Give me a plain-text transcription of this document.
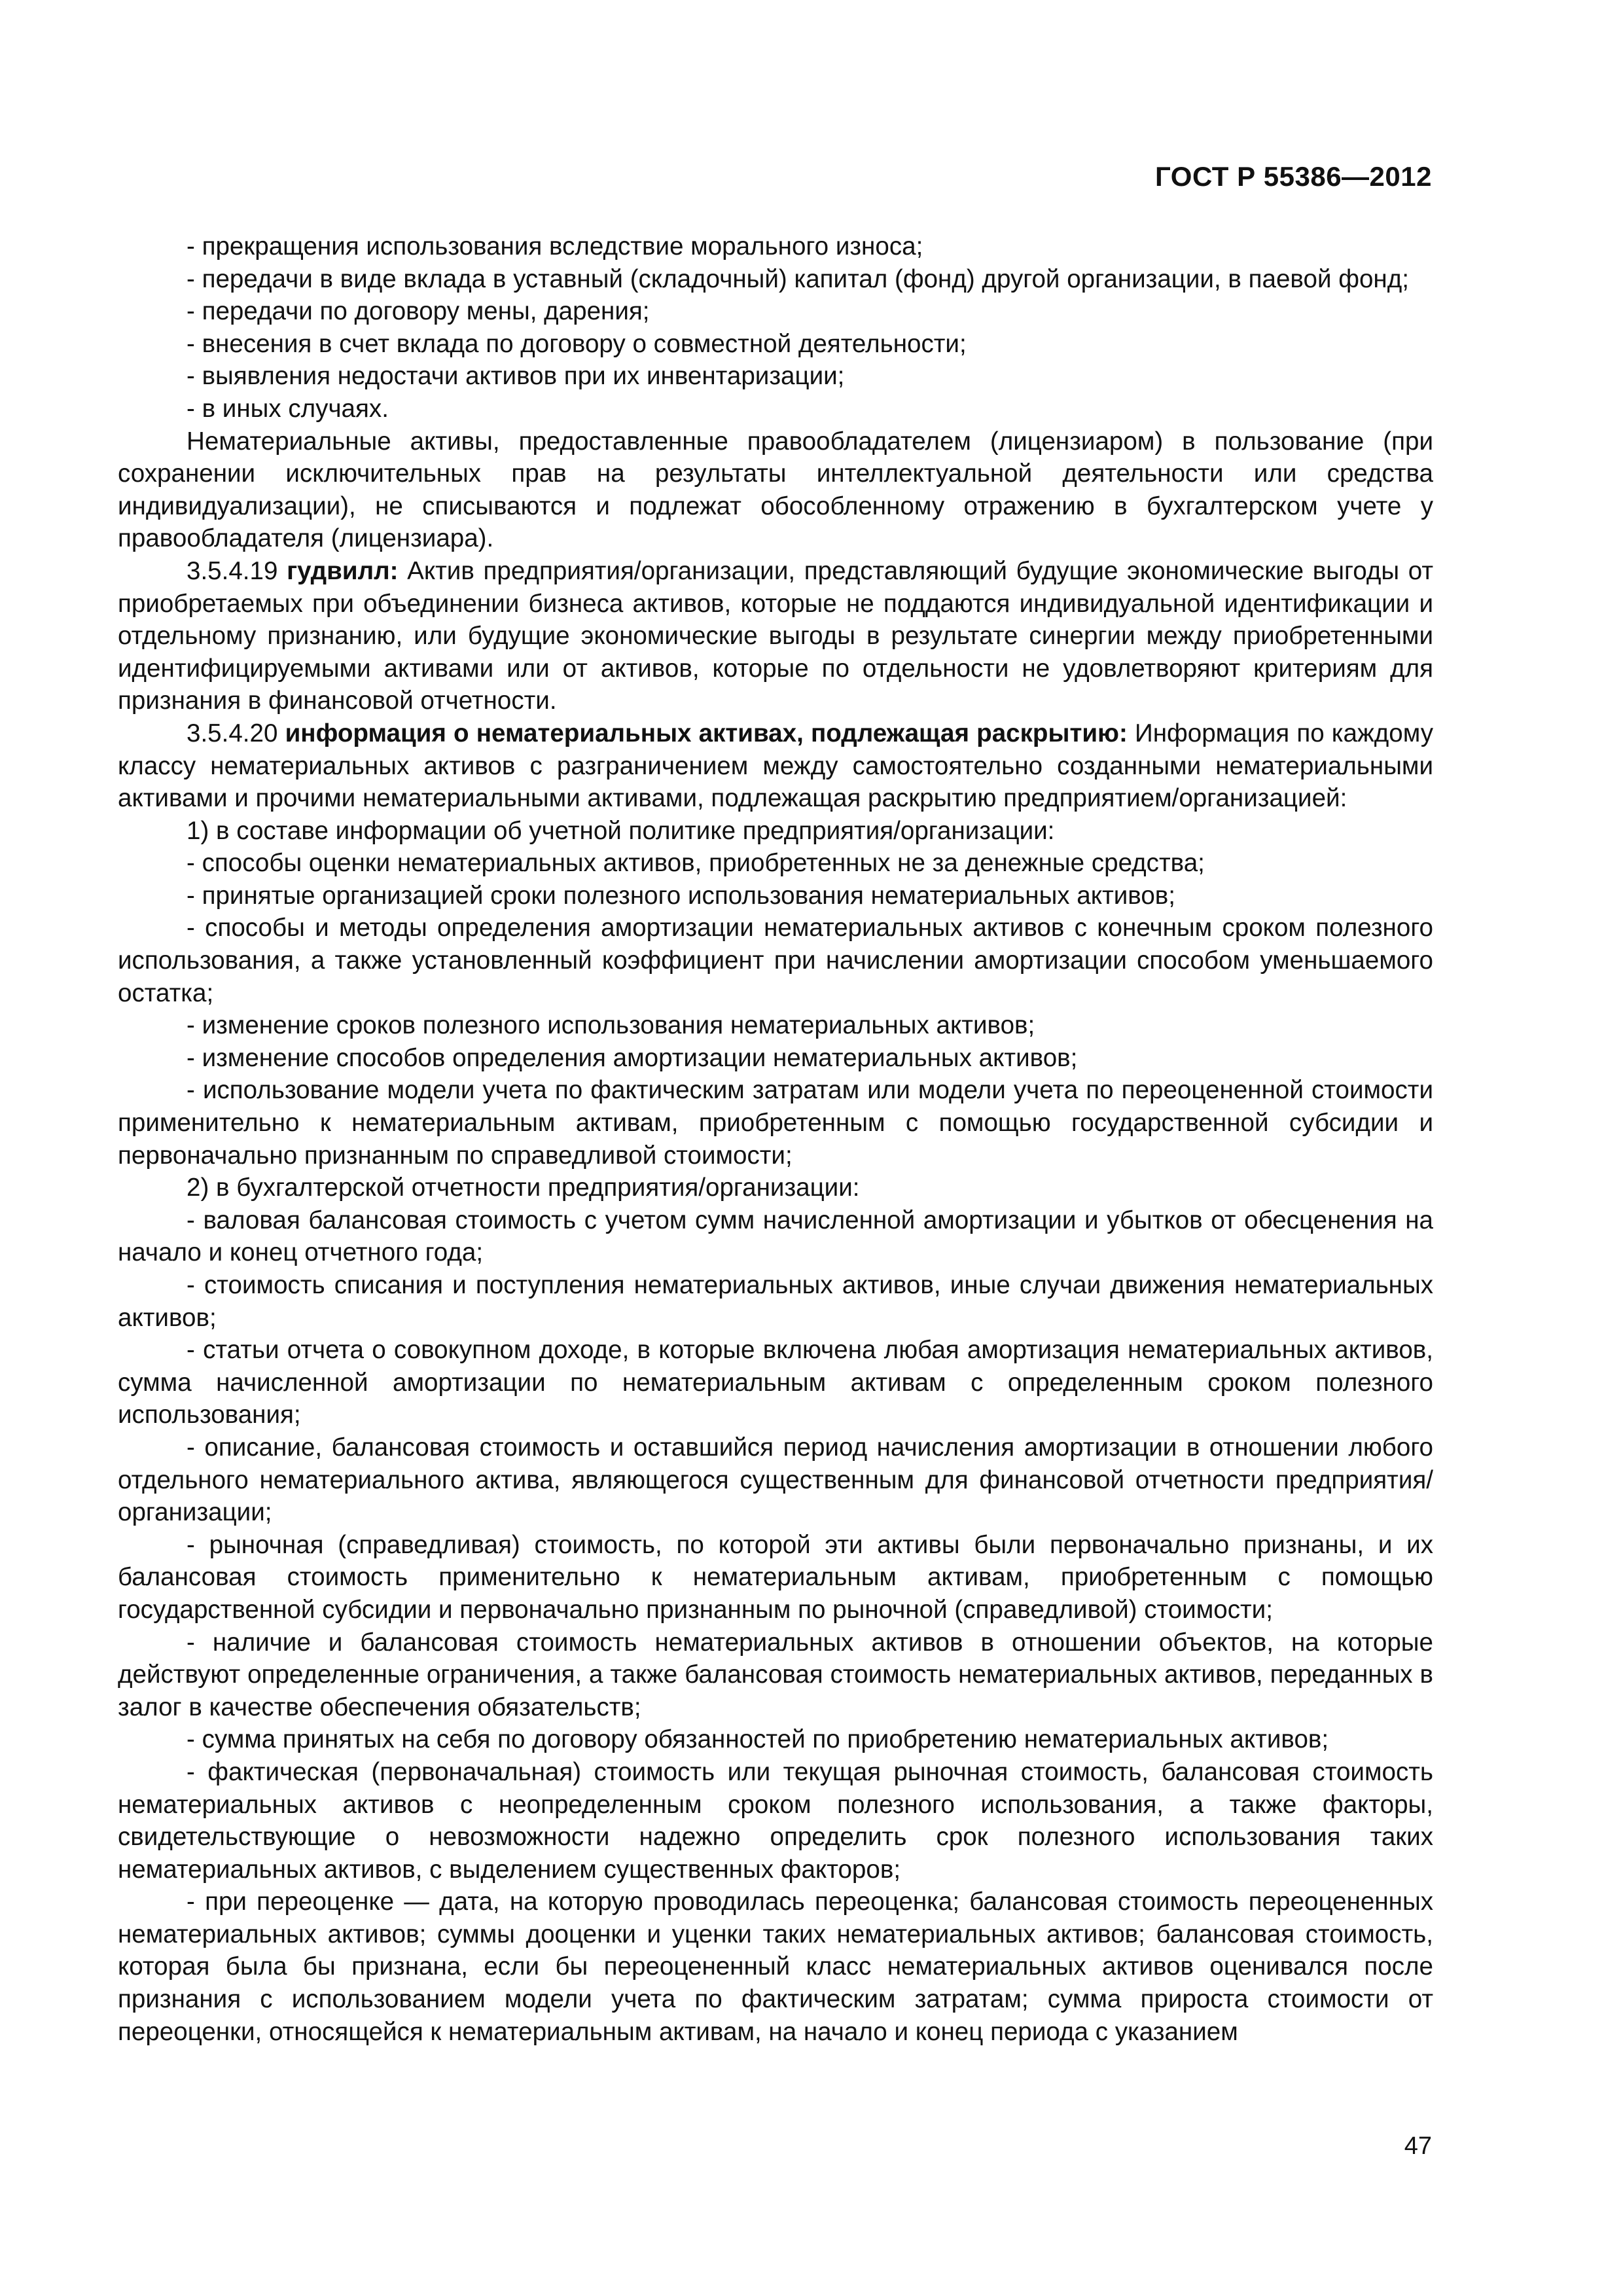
ГОСТ Р 55386—2012

- прекращения использования вследствие морального износа;

- передачи в виде вклада в уставный (складочный) капитал (фонд) другой организации, в паевой фонд;

- передачи по договору мены, дарения;

- внесения в счет вклада по договору о совместной деятельности;

- выявления недостачи активов при их инвентаризации;

- в иных случаях.

Нематериальные активы, предоставленные правообладателем (лицензиаром) в пользование (при сохранении исключительных прав на результаты интеллектуальной деятельности или средства индивидуализации), не списываются и подлежат обособленному отражению в бухгалтерском учете у правообладателя (лицензиара).

3.5.4.19 гудвилл: Актив предприятия/организации, представляющий будущие экономические выгоды от приобретаемых при объединении бизнеса активов, которые не поддаются индивидуальной идентификации и отдельному признанию, или будущие экономические выгоды в результате синергии между приобретенными идентифицируемыми активами или от активов, которые по отдельности не удовлетворяют критериям для признания в финансовой отчетности.

3.5.4.20 информация о нематериальных активах, подлежащая раскрытию: Информация по каждому классу нематериальных активов с разграничением между самостоятельно созданными нематериальными активами и прочими нематериальными активами, подлежащая раскрытию предприятием/организацией:

1) в составе информации об учетной политике предприятия/организации:

- способы оценки нематериальных активов, приобретенных не за денежные средства;

- принятые организацией сроки полезного использования нематериальных активов;

- способы и методы определения амортизации нематериальных активов с конечным сроком полезного использования, а также установленный коэффициент при начислении амортизации способом уменьшаемого остатка;

- изменение сроков полезного использования нематериальных активов;

- изменение способов определения амортизации нематериальных активов;

- использование модели учета по фактическим затратам или модели учета по переоцененной стоимости применительно к нематериальным активам, приобретенным с помощью государственной субсидии и первоначально признанным по справедливой стоимости;

2) в бухгалтерской отчетности предприятия/организации:

- валовая балансовая стоимость с учетом сумм начисленной амортизации и убытков от обесценения на начало и конец отчетного года;

- стоимость списания и поступления нематериальных активов, иные случаи движения нематериальных активов;

- статьи отчета о совокупном доходе, в которые включена любая амортизация нематериальных активов, сумма начисленной амортизации по нематериальным активам с определенным сроком полезного использования;

- описание, балансовая стоимость и оставшийся период начисления амортизации в отношении любого отдельного нематериального актива, являющегося существенным для финансовой отчетности предприятия/организации;

- рыночная (справедливая) стоимость, по которой эти активы были первоначально признаны, и их балансовая стоимость применительно к нематериальным активам, приобретенным с помощью государственной субсидии и первоначально признанным по рыночной (справедливой) стоимости;

- наличие и балансовая стоимость нематериальных активов в отношении объектов, на которые действуют определенные ограничения, а также балансовая стоимость нематериальных активов, переданных в залог в качестве обеспечения обязательств;

- сумма принятых на себя по договору обязанностей по приобретению нематериальных активов;

- фактическая (первоначальная) стоимость или текущая рыночная стоимость, балансовая стоимость нематериальных активов с неопределенным сроком полезного использования, а также факторы, свидетельствующие о невозможности надежно определить срок полезного использования таких нематериальных активов, с выделением существенных факторов;

- при переоценке — дата, на которую проводилась переоценка; балансовая стоимость переоцененных нематериальных активов; суммы дооценки и уценки таких нематериальных активов; балансовая стоимость, которая была бы признана, если бы переоцененный класс нематериальных активов оценивался после признания с использованием модели учета по фактическим затратам; сумма прироста стоимости от переоценки, относящейся к нематериальным активам, на начало и конец периода с указанием

47
